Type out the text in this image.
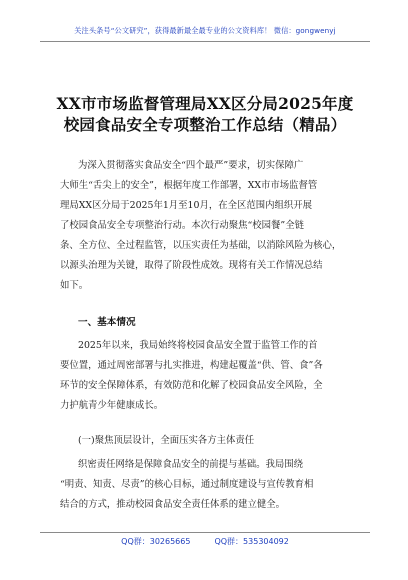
关注头条号“公文研究”，获得最新最全最专业的公文资料库！ 微信：gongwenyj
XX市市场监督管理局XX区分局2025年度
校园食品安全专项整治工作总结（精品）
为深入贯彻落实食品安全“四个最严”要求，切实保障广
大师生“舌尖上的安全”，根据年度工作部署，XX市市场监督管
理局XX区分局于2025年1月至10月，在全区范围内组织开展
了校园食品安全专项整治行动。本次行动聚焦“校园餐”全链
条、全方位、全过程监管，以压实责任为基础，以消除风险为核心，
以源头治理为关键，取得了阶段性成效。现将有关工作情况总结
如下。
一、基本情况
2025年以来，我局始终将校园食品安全置于监管工作的首
要位置，通过周密部署与扎实推进，构建起覆盖“供、管、食”各
环节的安全保障体系，有效防范和化解了校园食品安全风险，全
力护航青少年健康成长。
(一)聚焦顶层设计，全面压实各方主体责任
织密责任网络是保障食品安全的前提与基础。我局围绕
“明责、知责、尽责”的核心目标，通过制度建设与宣传教育相
结合的方式，推动校园食品安全责任体系的建立健全。
QQ群：30265665	QQ群：535304092
